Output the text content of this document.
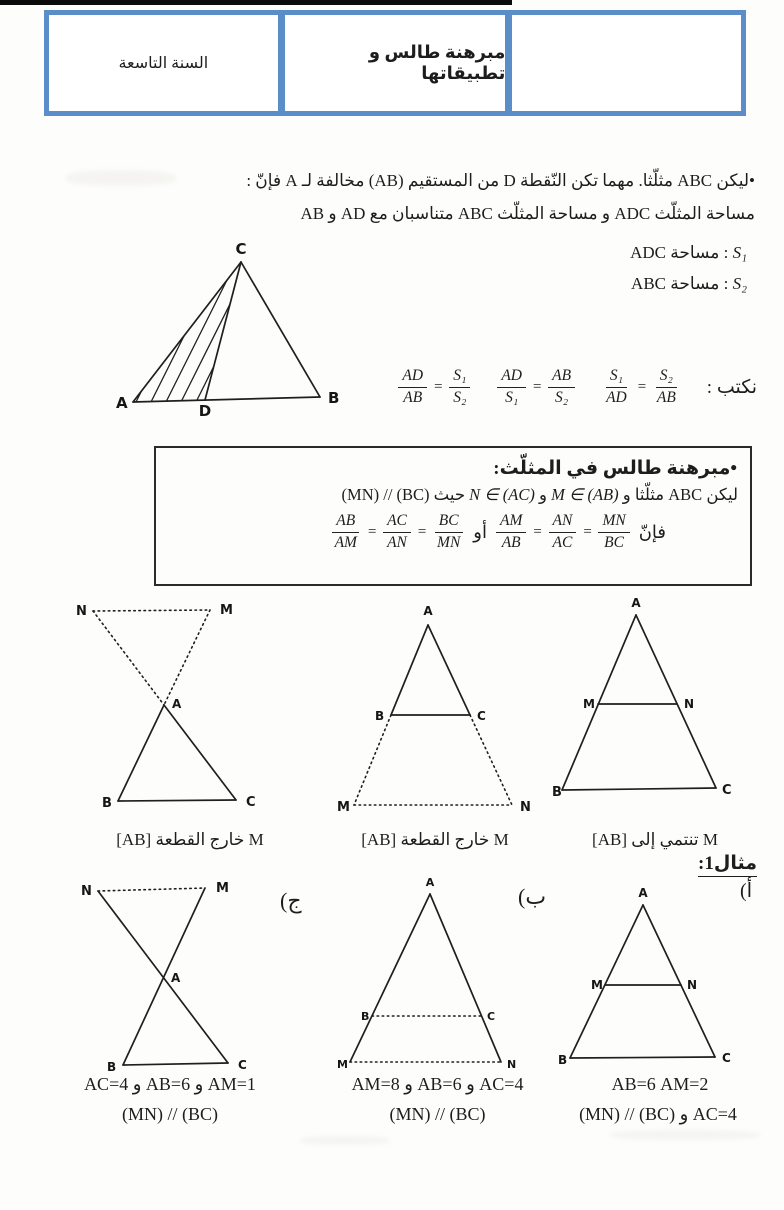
مبرهنة طالس و تطبيقاتها
السنة التاسعة
•ليكن ABC مثلّثا. مهما تكن النّقطة D من المستقيم (AB) مخالفة لـ A فإنّ :
مساحة المثلّث ADC و مساحة المثلّث ABC متناسبان مع AD و AB
S₁ : مساحة ADC
S₂ : مساحة ABC
C
A	B
D
نكتب :
$\frac{\text{S₁}}{AD} = \frac{\text{S₂}}{AB}$
$\frac{AD}{\text{S₁}} = \frac{AB}{\text{S₂}}$
$\frac{AD}{AB} = \frac{\text{S₁}}{\text{S₂}}$
•مبرهنة طالس في المثلّث:
ليكن ABC مثلّثا و M ∈ (AB) و N ∈ (AC) حيث (MN) // (BC)
فإنّ
$\frac{AM}{AB} = \frac{AN}{AC} = \frac{MN}{BC}$
أو
$\frac{AB}{AM} = \frac{AC}{AN} = \frac{BC}{MN}$
N	M
A
B	C
A
B	C
M	N
A
B	C
M	N
M تنتمي إلى [AB]
M خارج القطعة [AB]
M خارج القطعة [AB]
مثال1:
أ)
ب)
ج)
N	M
A
B	C
A
B	C
M	N
A
B	C
M	N
AM=2 AB=6
AC=4 و (MN) // (BC)
AC=4 و AB=6 و AM=8
(MN) // (BC)
AM=1 و AB=6 و AC=4
(MN) // (BC)
